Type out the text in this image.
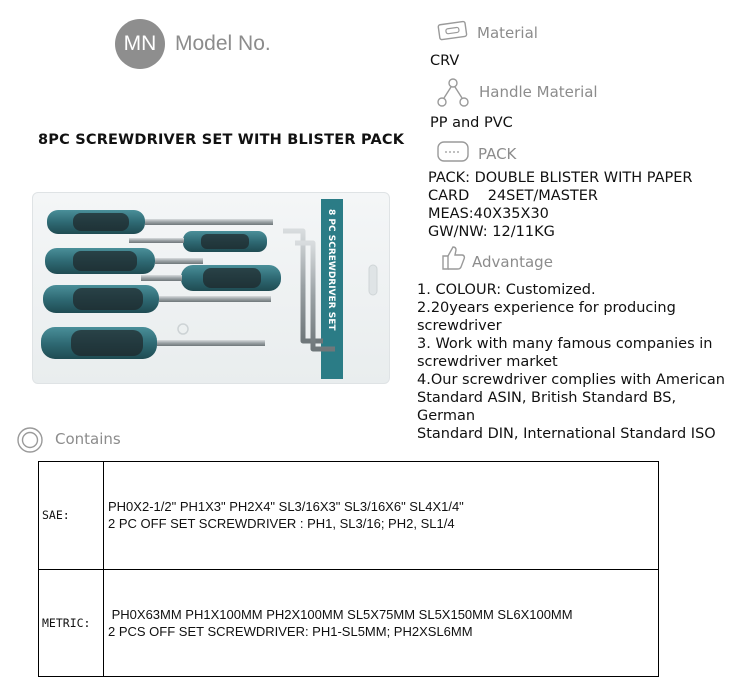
MN Model No.
8PC SCREWDRIVER SET WITH BLISTER PACK
Material
CRV
Handle Material
PP and PVC
PACK
PACK: DOUBLE BLISTER WITH PAPER
CARD    24SET/MASTER
MEAS:40X35X30
GW/NW: 12/11KG
Advantage
1. COLOUR: Customized.
2.20years experience for producing
screwdriver
3. Work with many famous companies in
screwdriver market
4.Our screwdriver complies with American
Standard ASIN, British Standard BS,
German
Standard DIN, International Standard ISO
8 PC SCREWDRIVER SET
Contains
SAE:	PH0X2-1/2" PH1X3" PH2X4" SL3/16X3" SL3/16X6" SL4X1/4"
2 PC OFF SET SCREWDRIVER : PH1, SL3/16; PH2, SL1/4

METRIC:	PH0X63MM PH1X100MM PH2X100MM SL5X75MM SL5X150MM SL6X100MM
2 PCS OFF SET SCREWDRIVER: PH1-SL5MM; PH2XSL6MM
